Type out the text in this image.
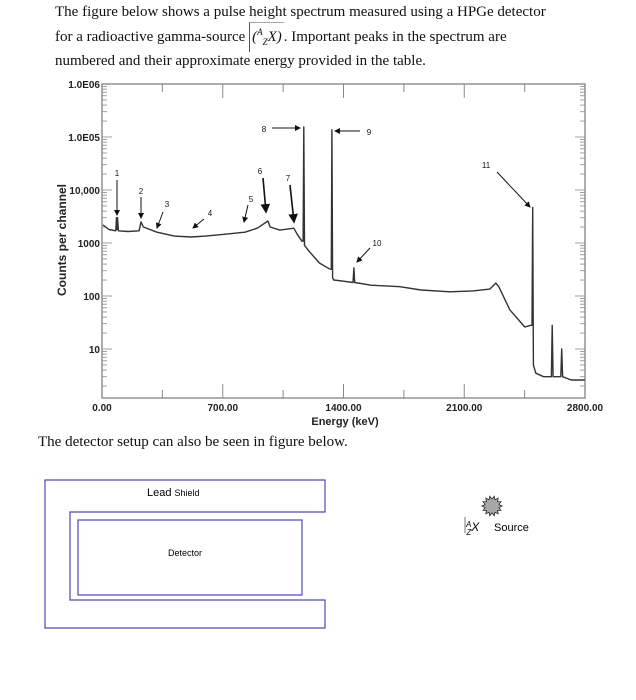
The figure below shows a pulse height spectrum measured using a HPGe detector

for a radioactive gamma-source ($^A_Z$X) . Important peaks in the spectrum are

numbered and their approximate energy provided in the table.

1.0E06
1.0E05
10,000
1000
100
10
0.00	700.00	1400.00	2100.00	2800.00
Energy (keV)
Counts per channel
1
2
3
4
5
6
7
8	9
10
11
The detector setup can also be seen in figure below.
Lead Shield
Detector
$^A$ ZX Source
